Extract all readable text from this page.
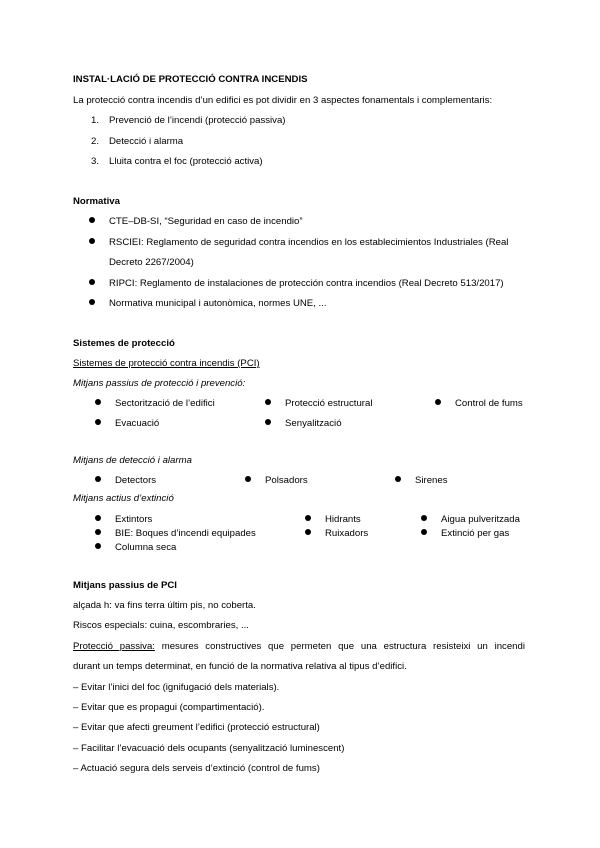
INSTAL·LACIÓ DE PROTECCIÓ CONTRA INCENDIS
La protecció contra incendis d’un edifici es pot dividir en 3 aspectes fonamentals i complementaris:
1. Prevenció de l’incendi (protecció passiva)
2. Detecció i alarma
3. Lluita contra el foc (protecció activa)
Normativa
CTE–DB-SI, “Seguridad en caso de incendio”
RSCIEI: Reglamento de seguridad contra incendios en los establecimientos Industriales (Real
Decreto 2267/2004)
RIPCI: Reglamento de instalaciones de protección contra incendios (Real Decreto 513/2017)
Normativa municipal i autonòmica, normes UNE, ...
Sistemes de protecció
Sistemes de protecció contra incendis (PCI)
Mitjans passius de protecció i prevenció:
Sectorització de l’edifici	Protecció estructural	Control de fums
Evacuació	Senyalització
Mitjans de detecció i alarma
Detectors	Polsadors	Sirenes
Mitjans actius d’extinció
Extintors	Hidrants	Aigua pulveritzada
BIE: Boques d’incendi equipades	Ruixadors	Extinció per gas
Columna seca
Mitjans passius de PCI
alçada h: va fins terra últim pis, no coberta.
Riscos especials: cuina, escombraries, ...
Protecció passiva: mesures constructives que permeten que una estructura resisteixi un incendi
durant un temps determinat, en funció de la normativa relativa al tipus d’edifici.
– Evitar l’inici del foc (ignifugació dels materials).
– Evitar que es propagui (compartimentació).
– Evitar que afecti greument l’edifici (protecció estructural)
– Facilitar l’evacuació dels ocupants (senyalització luminescent)
– Actuació segura dels serveis d’extinció (control de fums)
